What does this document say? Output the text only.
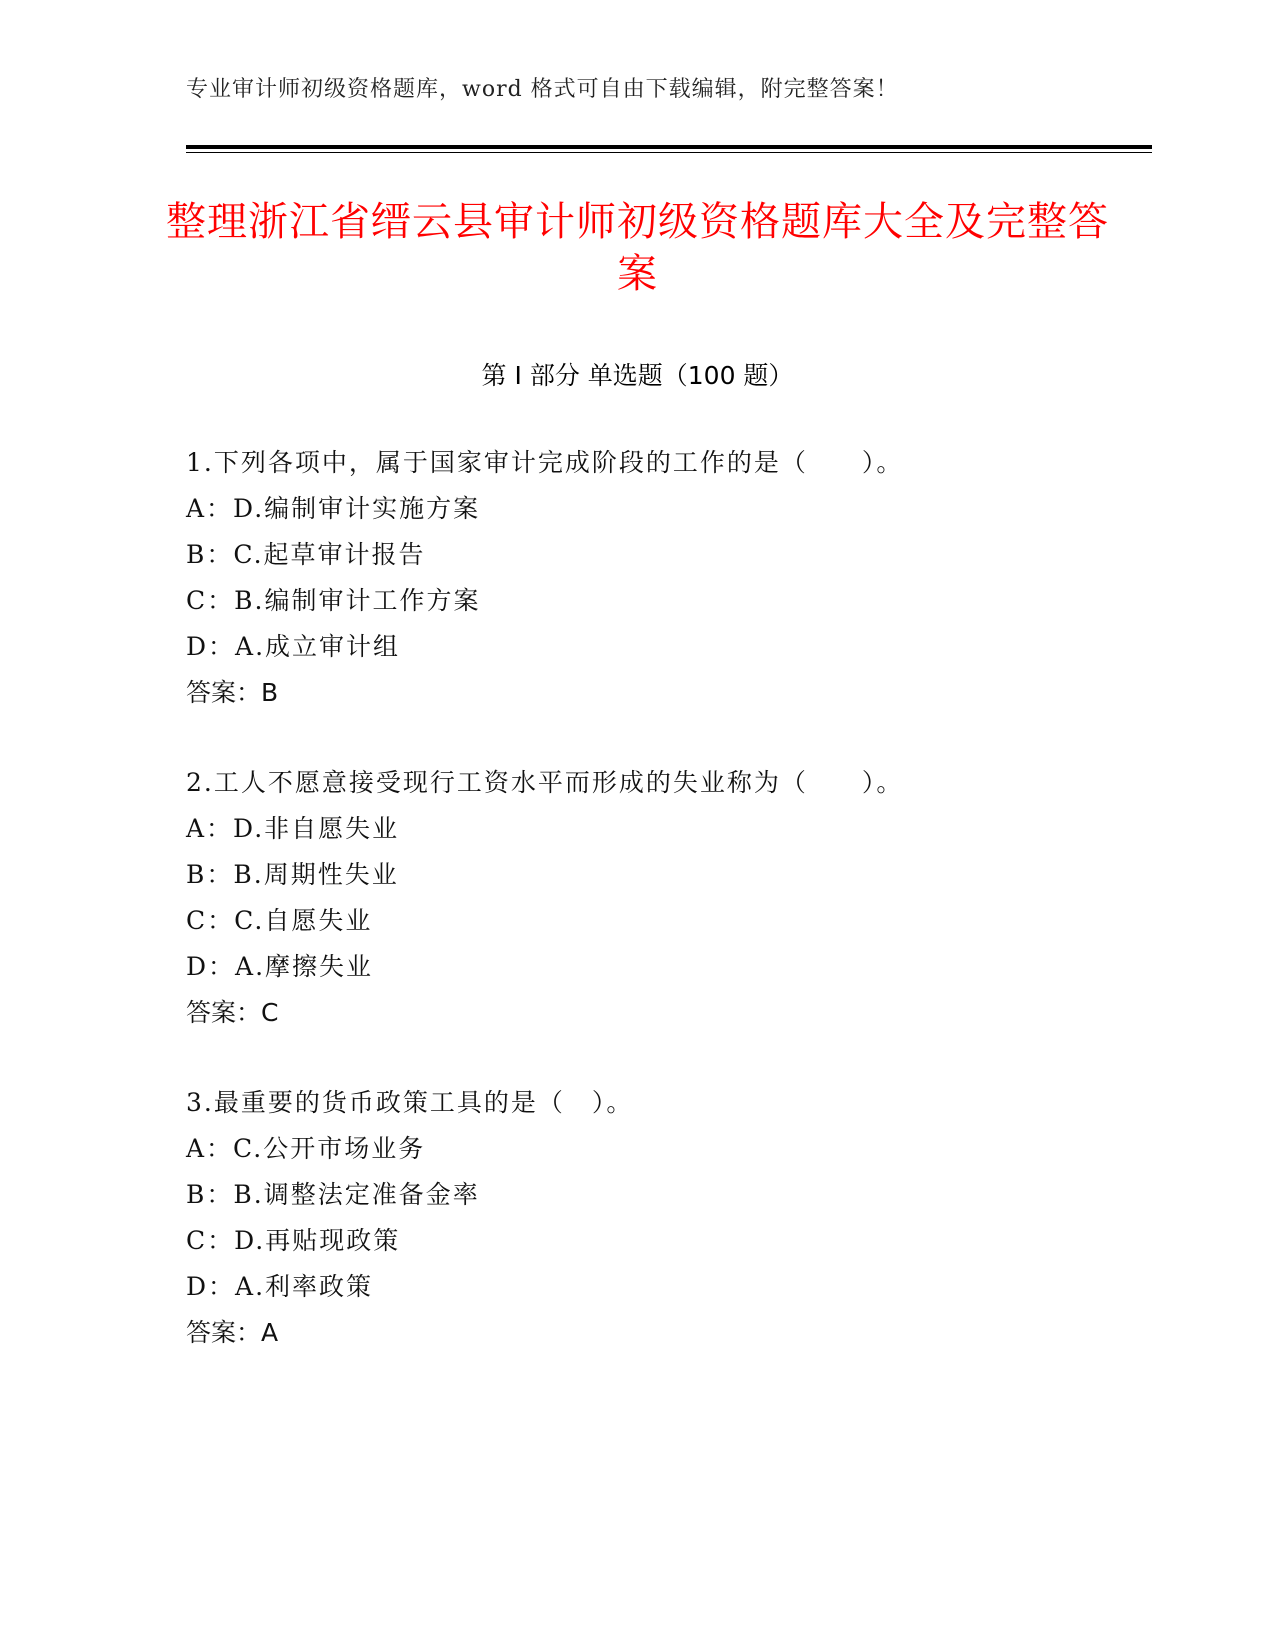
专业审计师初级资格题库，word 格式可自由下载编辑，附完整答案！
整理浙江省缙云县审计师初级资格题库大全及完整答案
第 I 部分 单选题（100 题）
1.下列各项中，属于国家审计完成阶段的工作的是（　　）。
A：D.编制审计实施方案
B：C.起草审计报告
C：B.编制审计工作方案
D：A.成立审计组
答案：B
2.工人不愿意接受现行工资水平而形成的失业称为（　　）。
A：D.非自愿失业
B：B.周期性失业
C：C.自愿失业
D：A.摩擦失业
答案：C
3.最重要的货币政策工具的是（　）。
A：C.公开市场业务
B：B.调整法定准备金率
C：D.再贴现政策
D：A.利率政策
答案：A
